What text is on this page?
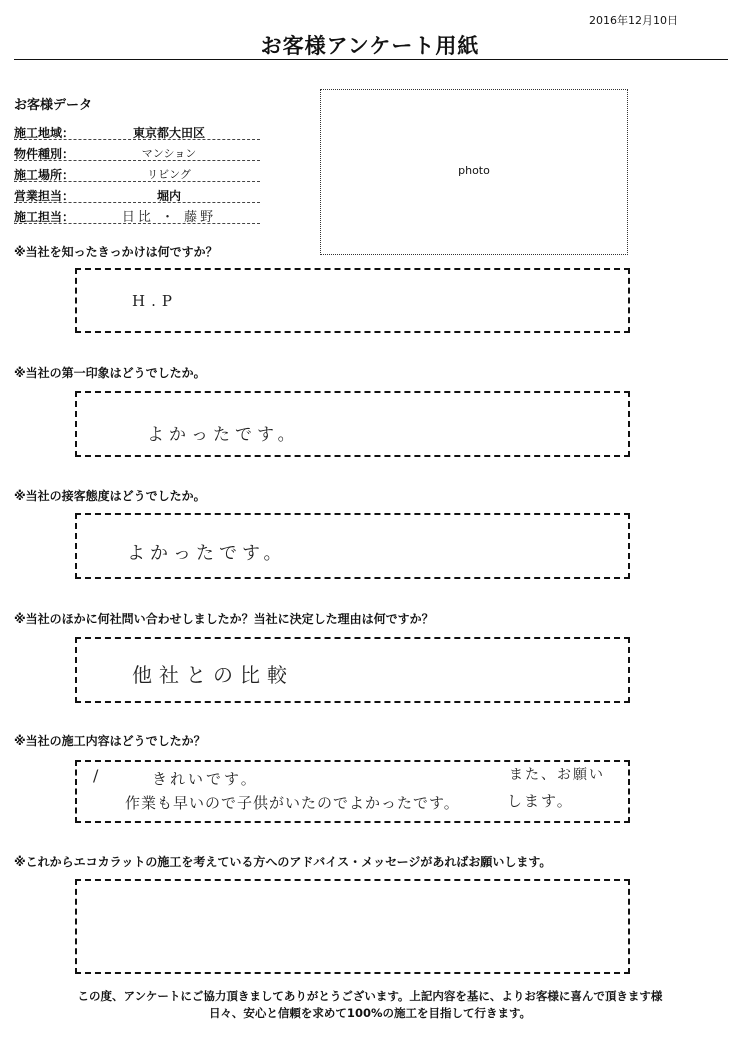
2016年12月10日
お客様アンケート用紙
お客様データ
施工地域：	東京都大田区
物件種別：	マンション
施工場所：	リビング
営業担当：	堀内
施工担当：	日比 ・ 藤野
photo
※当社を知ったきっかけは何ですか？
H.P
※当社の第一印象はどうでしたか。
よかったです。
※当社の接客態度はどうでしたか。
よかったです。
※当社のほかに何社問い合わせしましたか？当社に決定した理由は何ですか？
他社との比較
※当社の施工内容はどうでしたか？
/	きれいです。
作業も早いので子供がいたのでよかったです。
また、お願い
します。
※これからエコカラットの施工を考えている方へのアドバイス・メッセージがあればお願いします。
この度、アンケートにご協力頂きましてありがとうございます。上記内容を基に、よりお客様に喜んで頂きます様
日々、安心と信頼を求めて100%の施工を目指して行きます。
